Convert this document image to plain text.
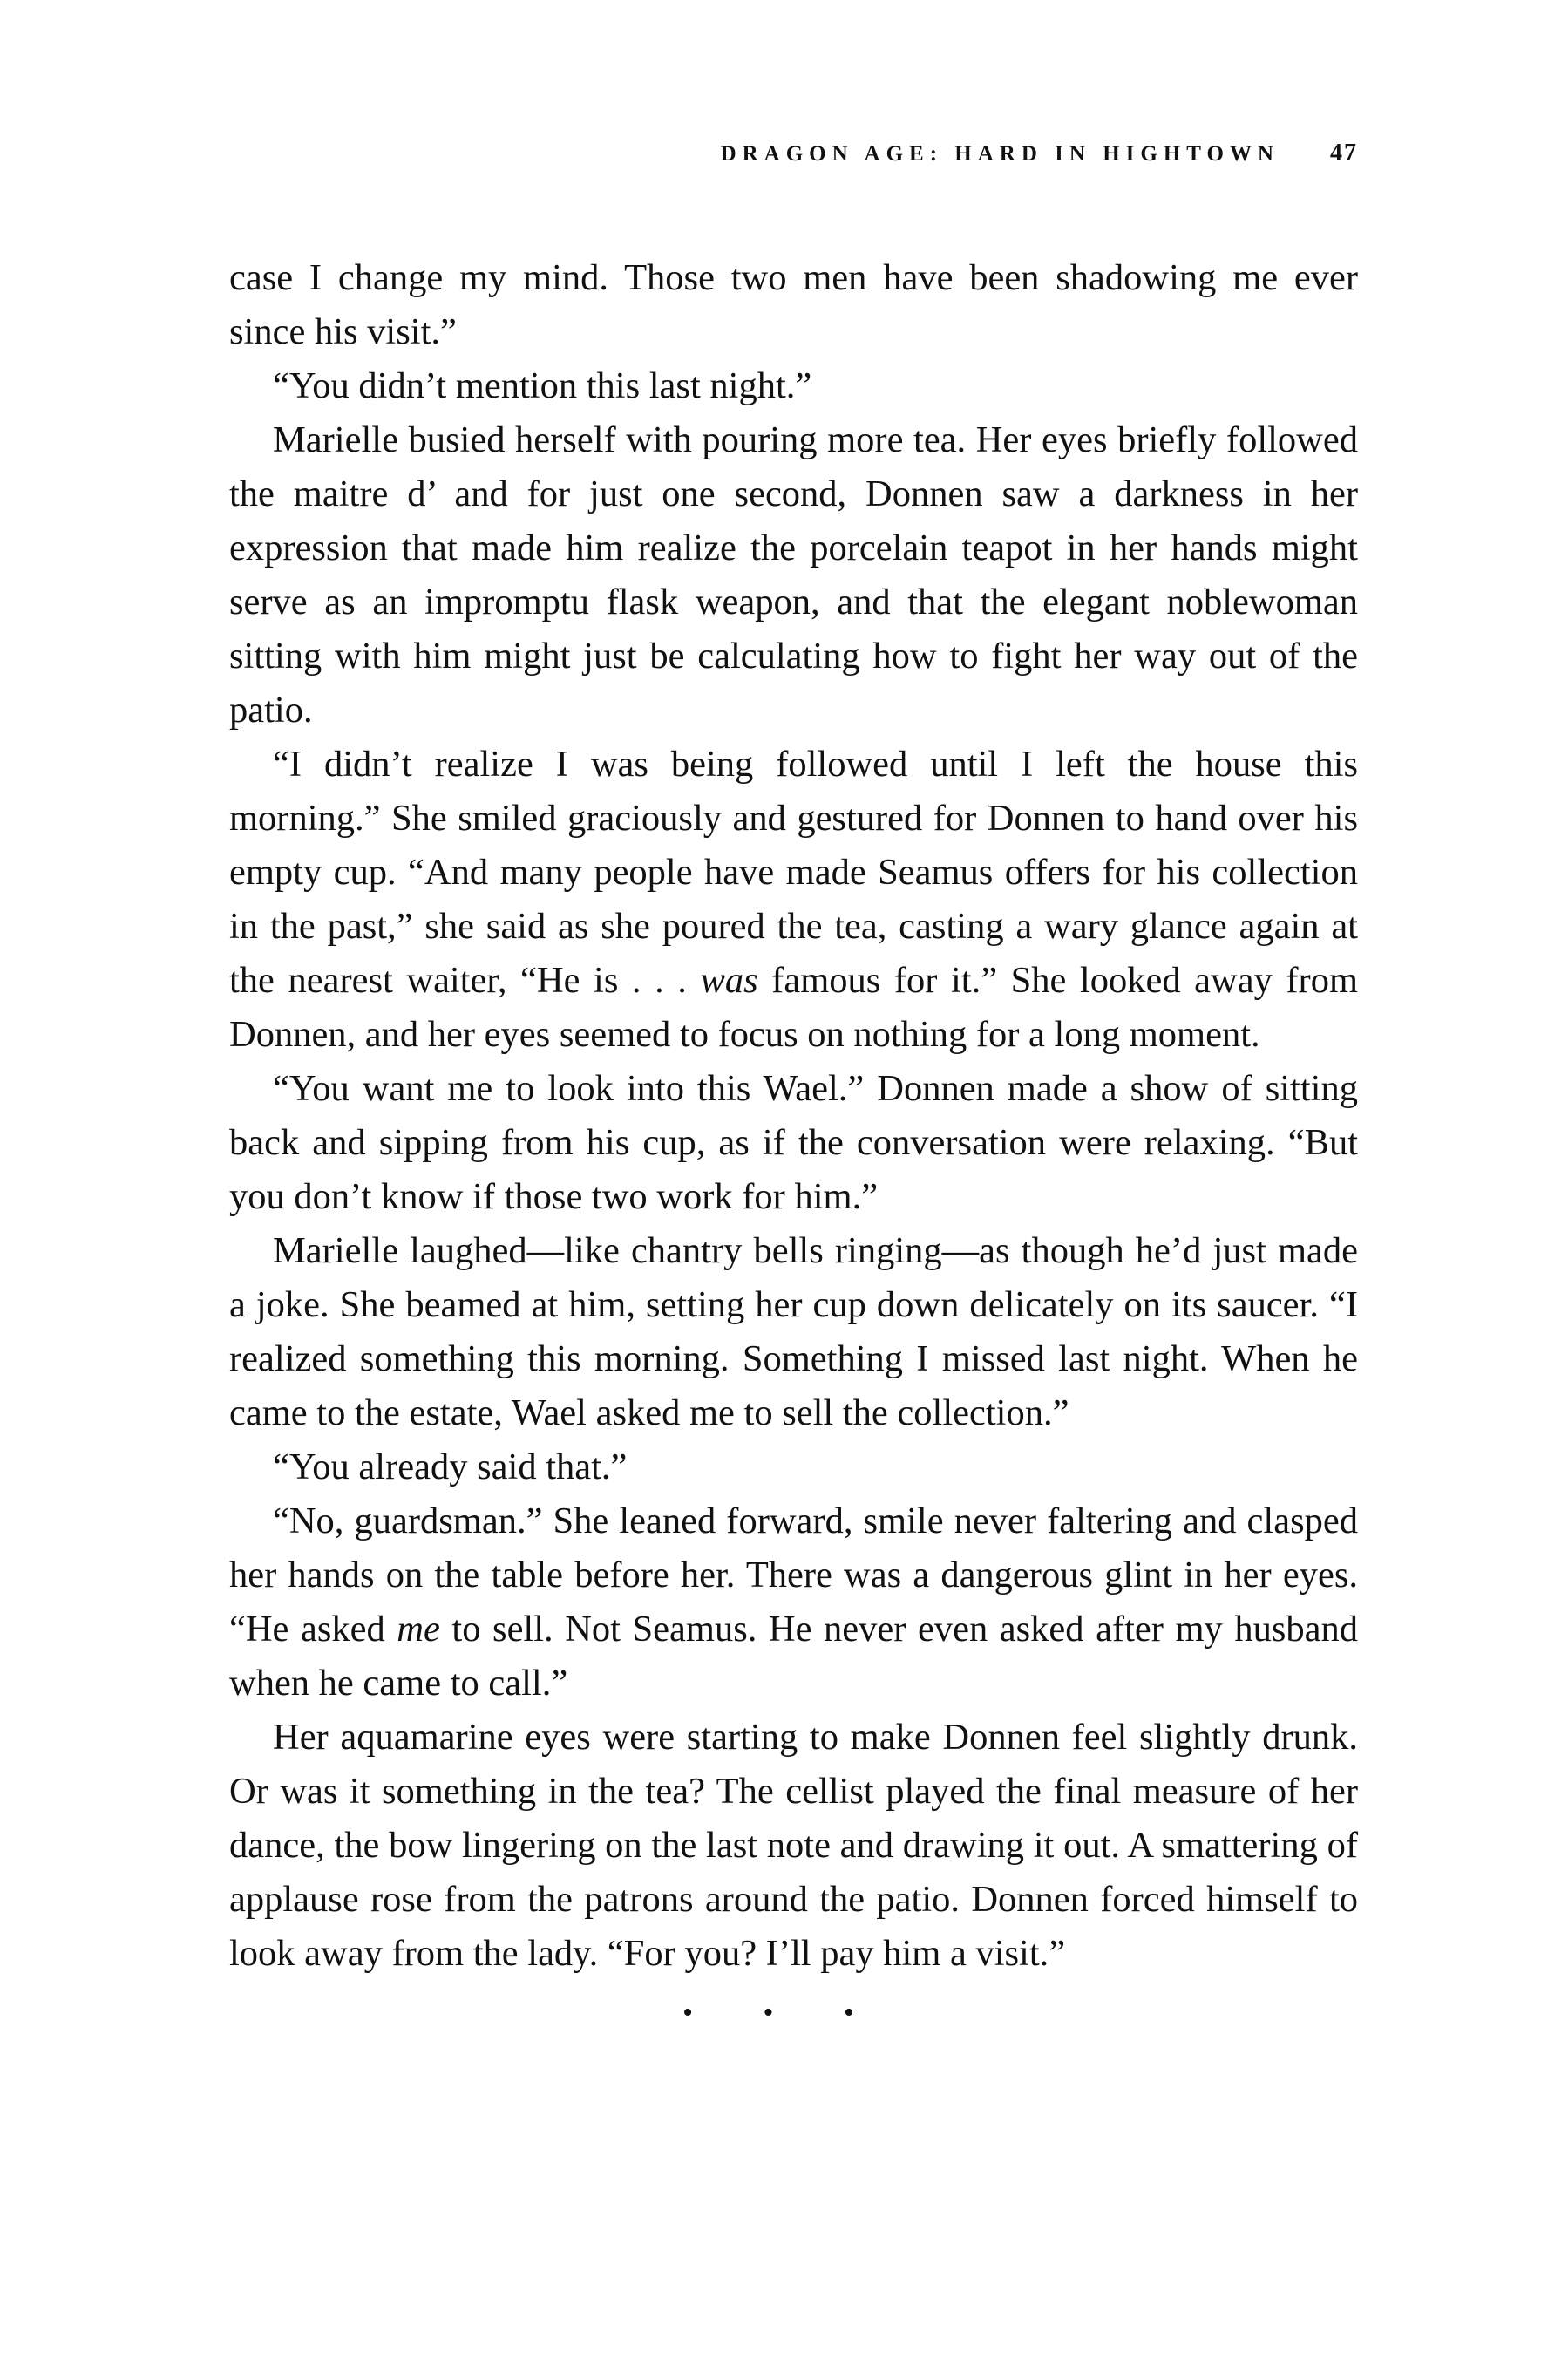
DRAGON AGE: HARD IN HIGHTOWN 47

case I change my mind. Those two men have been shadowing me ever since his visit.”

“You didn’t mention this last night.”

Marielle busied herself with pouring more tea. Her eyes briefly followed the maitre d’ and for just one second, Donnen saw a darkness in her expression that made him realize the porcelain teapot in her hands might serve as an impromptu flask weapon, and that the elegant noblewoman sitting with him might just be calculating how to fight her way out of the patio.

“I didn’t realize I was being followed until I left the house this morning.” She smiled graciously and gestured for Donnen to hand over his empty cup. “And many people have made Seamus offers for his collection in the past,” she said as she poured the tea, casting a wary glance again at the nearest waiter, “He is . . . was famous for it.” She looked away from Donnen, and her eyes seemed to focus on nothing for a long moment.

“You want me to look into this Wael.” Donnen made a show of sitting back and sipping from his cup, as if the conversation were relaxing. “But you don’t know if those two work for him.”

Marielle laughed—like chantry bells ringing—as though he’d just made a joke. She beamed at him, setting her cup down delicately on its saucer. “I realized something this morning. Something I missed last night. When he came to the estate, Wael asked me to sell the collection.”

“You already said that.”

“No, guardsman.” She leaned forward, smile never faltering and clasped her hands on the table before her. There was a dangerous glint in her eyes. “He asked me to sell. Not Seamus. He never even asked after my husband when he came to call.”

Her aquamarine eyes were starting to make Donnen feel slightly drunk. Or was it something in the tea? The cellist played the final measure of her dance, the bow lingering on the last note and drawing it out. A smattering of applause rose from the patrons around the patio. Donnen forced himself to look away from the lady. “For you? I’ll pay him a visit.”

• • •
